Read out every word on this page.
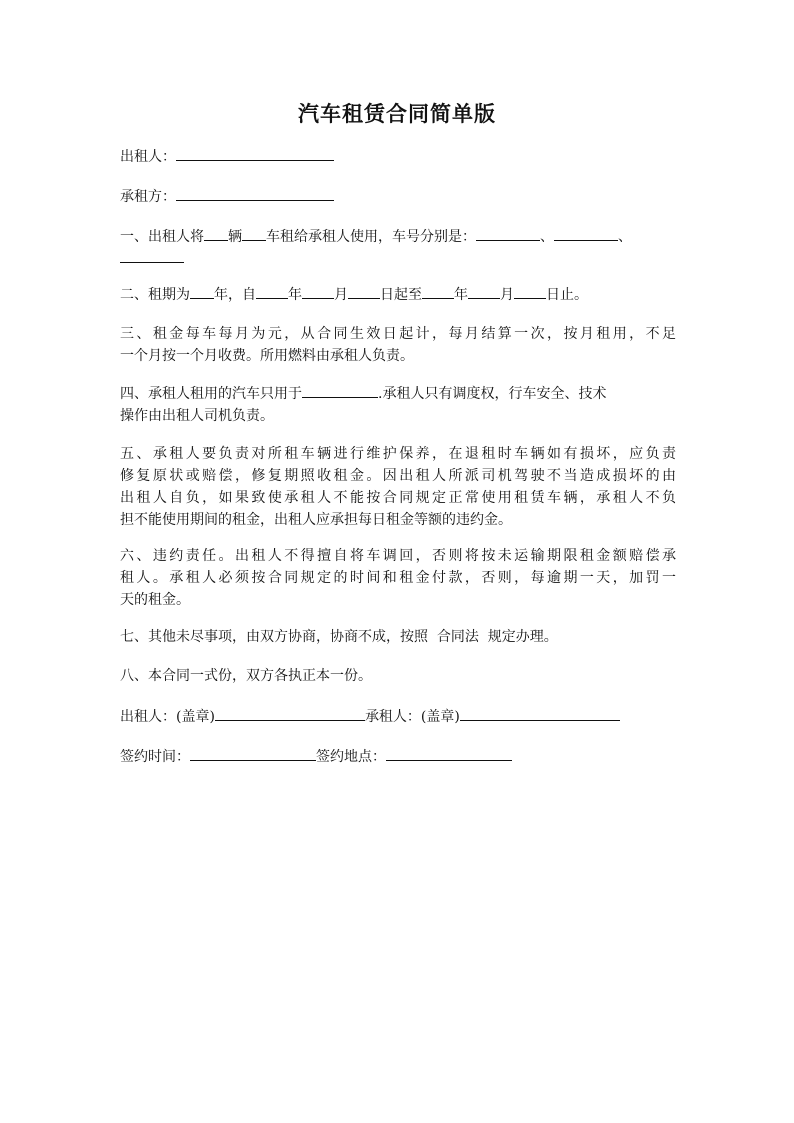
汽车租赁合同简单版
出租人：
承租方：
一、出租人将 辆 车租给承租人使用，车号分别是：	、	、
二、租期为 年，自 年 月 日起至 年 月 日止。
三、租金每车每月为元，从合同生效日起计，每月结算一次，按月租用，不足
一个月按一个月收费。所用燃料由承租人负责。
四、承租人租用的汽车只用于	.承租人只有调度权，行车安全、技术
操作由出租人司机负责。
五、承租人要负责对所租车辆进行维护保养，在退租时车辆如有损坏，应负责
修复原状或赔偿，修复期照收租金。因出租人所派司机驾驶不当造成损坏的由
出租人自负，如果致使承租人不能按合同规定正常使用租赁车辆，承租人不负
担不能使用期间的租金，出租人应承担每日租金等额的违约金。
六、违约责任。出租人不得擅自将车调回，否则将按未运输期限租金额赔偿承
租人。承租人必须按合同规定的时间和租金付款，否则，每逾期一天，加罚一
天的租金。
七、其他未尽事项，由双方协商，协商不成，按照  合同法  规定办理。
八、本合同一式份，双方各执正本一份。
出租人：(盖章)	承租人：(盖章)
签约时间：	签约地点：
